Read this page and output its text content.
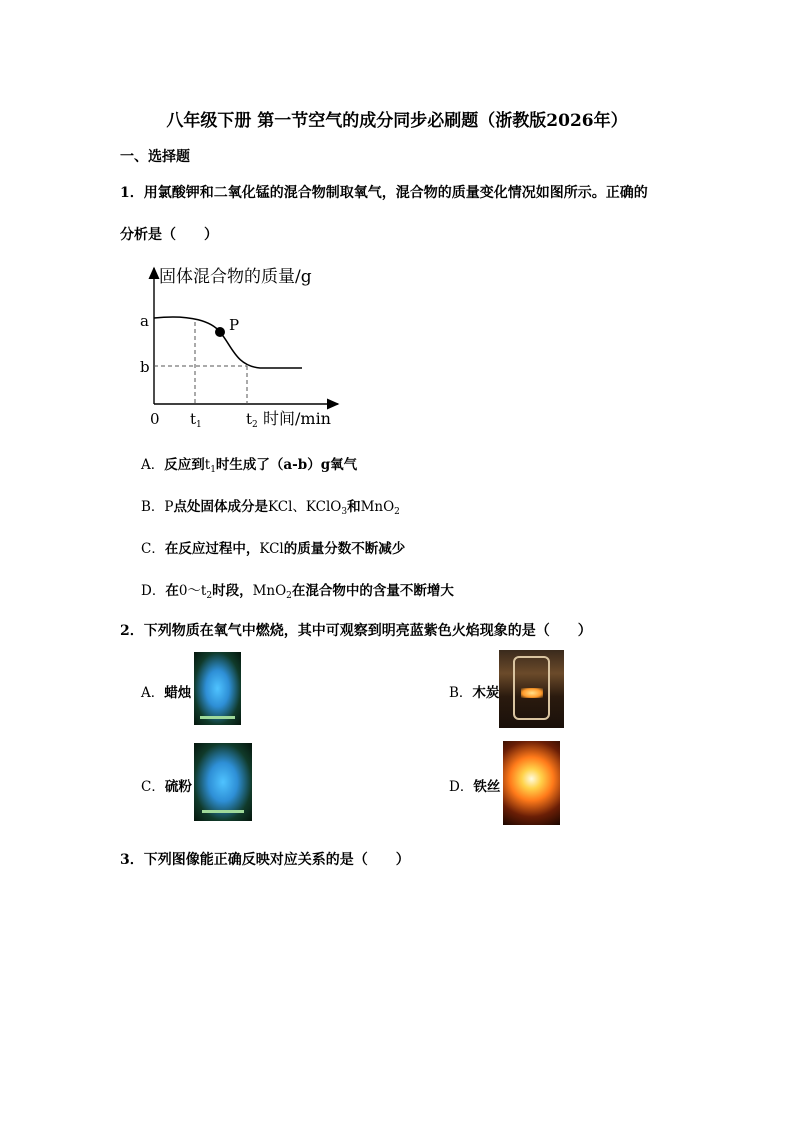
八年级下册 第一节空气的成分同步必刷题（浙教版2026年）
一、选择题
1．用氯酸钾和二氧化锰的混合物制取氧气，混合物的质量变化情况如图所示。正确的
分析是（　　）
固体混合物的质量/g
P
a
b
0 $t_1$	$t_2$ 时间/min
A．反应到$t_1$时生成了（a-b）g氧气
B．P点处固体成分是KCl、KClO$_3$和MnO$_2$
C．在反应过程中，KCl的质量分数不断减少
D．在$0\sim t_2$时段，MnO$_2$在混合物中的含量不断增大
2．下列物质在氧气中燃烧，其中可观察到明亮蓝紫色火焰现象的是（　　）
A．蜡烛	B．木炭
C．硫粉	D．铁丝
3．下列图像能正确反映对应关系的是（　　）
